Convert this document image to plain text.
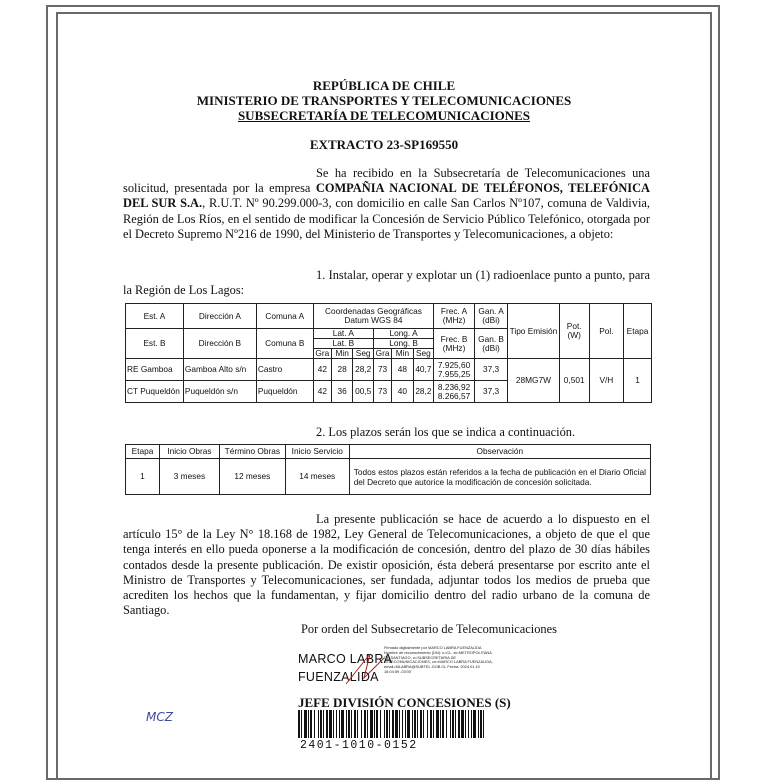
REPÚBLICA DE CHILE
MINISTERIO DE TRANSPORTES Y TELECOMUNICACIONES
SUBSECRETARÍA DE TELECOMUNICACIONES
EXTRACTO 23-SP169550
Se ha recibido en la Subsecretaría de Telecomunicaciones una solicitud, presentada por la empresa COMPAÑIA NACIONAL DE TELÉFONOS, TELEFÓNICA DEL SUR S.A., R.U.T. Nº 90.299.000-3, con domicilio en calle San Carlos Nº107, comuna de Valdivia, Región de Los Ríos, en el sentido de modificar la Concesión de Servicio Público Telefónico, otorgada por el Decreto Supremo Nº216 de 1990, del Ministerio de Transportes y Telecomunicaciones, a objeto:
1. Instalar, operar y explotar un (1) radioenlace punto a punto, para la Región de Los Lagos:
Est. A	Dirección A	Comuna A	Coordenadas Geográficas Datum WGS 84						Frec. A (MHz)	Gan. A (dBi)	Tipo Emisión	Pot. (W)	Pol.	Etapa
Est. B	Dirección B	Comuna B	Lat. A			Long. A			Frec. B (MHz)	Gan. B (dBi)				
			Lat. B			Long. B								
			Gra	Min	Seg	Gra	Min	Seg						
RE Gamboa	Gamboa Alto s/n	Castro	42	28	28,2	73	48	40,7	7.925,60 7.955,25	37,3	28MG7W	0,501	V/H	1
CT Puqueldón	Puqueldón s/n	Puqueldón	42	36	00,5	73	40	28,2	8.236,92 8.266,57	37,3				
2. Los plazos serán los que se indica a continuación.
Etapa	Inicio Obras	Término Obras	Inicio Servicio	Observación
1	3 meses	12 meses	14 meses	Todos estos plazos están referidos a la fecha de publicación en el Diario Oficial del Decreto que autorice la modificación de concesión solicitada.
La presente publicación se hace de acuerdo a lo dispuesto en el artículo 15° de la Ley N° 18.168 de 1982, Ley General de Telecomunicaciones, a objeto de que el que tenga interés en ello pueda oponerse a la modificación de concesión, dentro del plazo de 30 días hábiles contados desde la presente publicación. De existir oposición, ésta deberá presentarse por escrito ante el Ministro de Transportes y Telecomunicaciones, ser fundada, adjuntar todos los medios de prueba que acrediten los hechos que la fundamentan, y fijar domicilio dentro del radio urbano de la comuna de Santiago.
Por orden del Subsecretario de Telecomunicaciones
MARCO LABRA
FUENZALIDA
Firmado digitalmente por MARCO LABRA FUENZALIDA Nombre de reconocimiento (DN): c=CL, st=METROPOLITANA DE SANTIAGO, o=SUBSECRETARIA DE TELECOMUNICACIONES, cn=MARCO LABRA FUENZALIDA, email=MLABRA@SUBTEL.GOB.CL Fecha: 2024.01.10 16:04:59 -03'00'
JEFE DIVISIÓN CONCESIONES (S)
2401-1010-0152
MCZ
